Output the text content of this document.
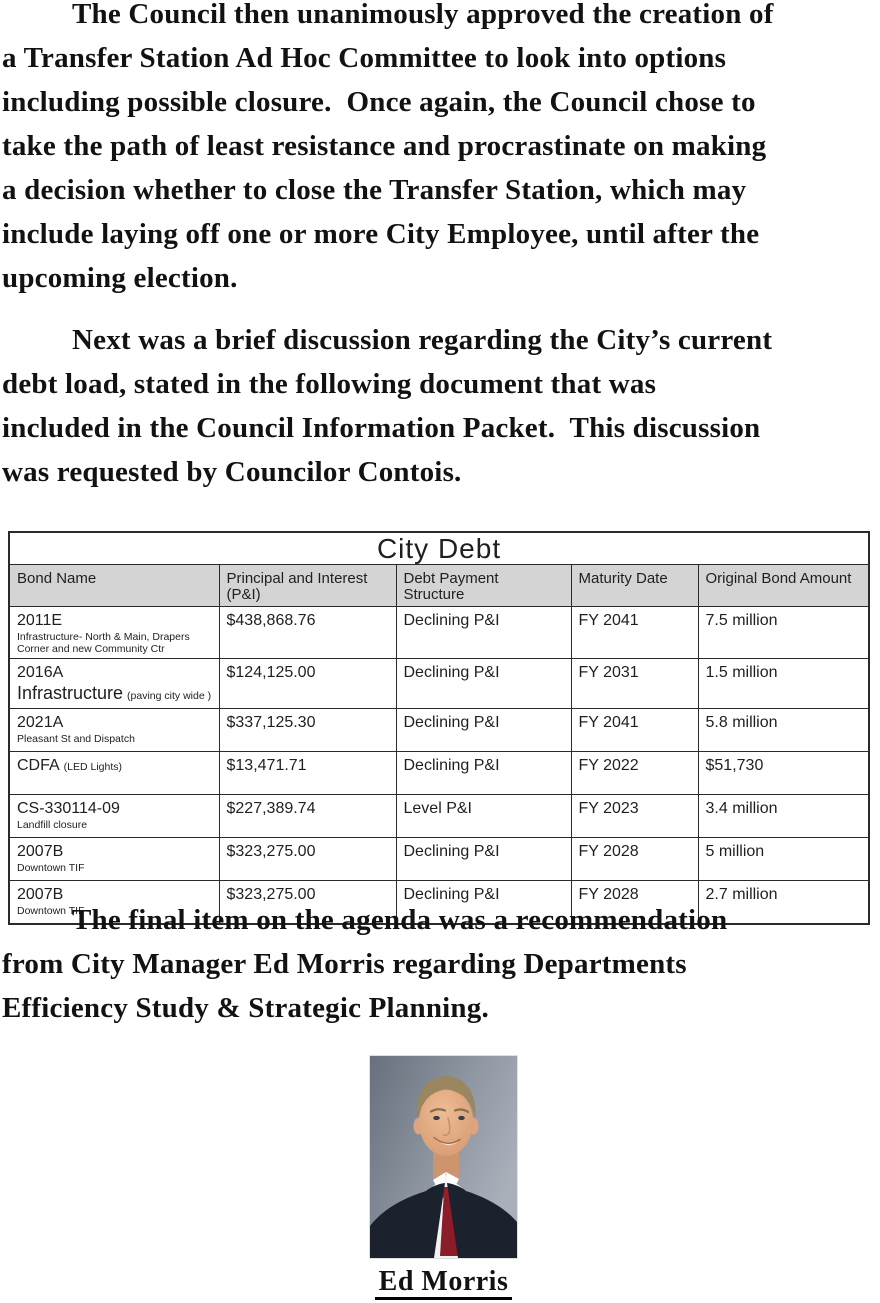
The Council then unanimously approved the creation of
a Transfer Station Ad Hoc Committee to look into options
including possible closure.  Once again, the Council chose to
take the path of least resistance and procrastinate on making
a decision whether to close the Transfer Station, which may
include laying off one or more City Employee, until after the
upcoming election.
Next was a brief discussion regarding the City’s current
debt load, stated in the following document that was
included in the Council Information Packet.  This discussion
was requested by Councilor Contois.
City Debt				
Bond Name	Principal and Interest (P&I)	Debt Payment Structure	Maturity Date	Original Bond Amount

2011E
Infrastructure- North & Main, Drapers Corner and new Community Ctr	$438,868.76	Declining P&I	FY 2041	7.5 million

2016A
Infrastructure (paving city wide )	$124,125.00	Declining P&I	FY 2031	1.5 million

2021A
Pleasant St and Dispatch	$337,125.30	Declining P&I	FY 2041	5.8 million

CDFA (LED Lights)	$13,471.71	Declining P&I	FY 2022	$51,730

CS-330114-09
Landfill closure	$227,389.74	Level P&I	FY 2023	3.4 million

2007B
Downtown TIF	$323,275.00	Declining P&I	FY 2028	5 million

2007B
Downtown TIF	$323,275.00	Declining P&I	FY 2028	2.7 million
The final item on the agenda was a recommendation
from City Manager Ed Morris regarding Departments
Efficiency Study & Strategic Planning.
Ed Morris
